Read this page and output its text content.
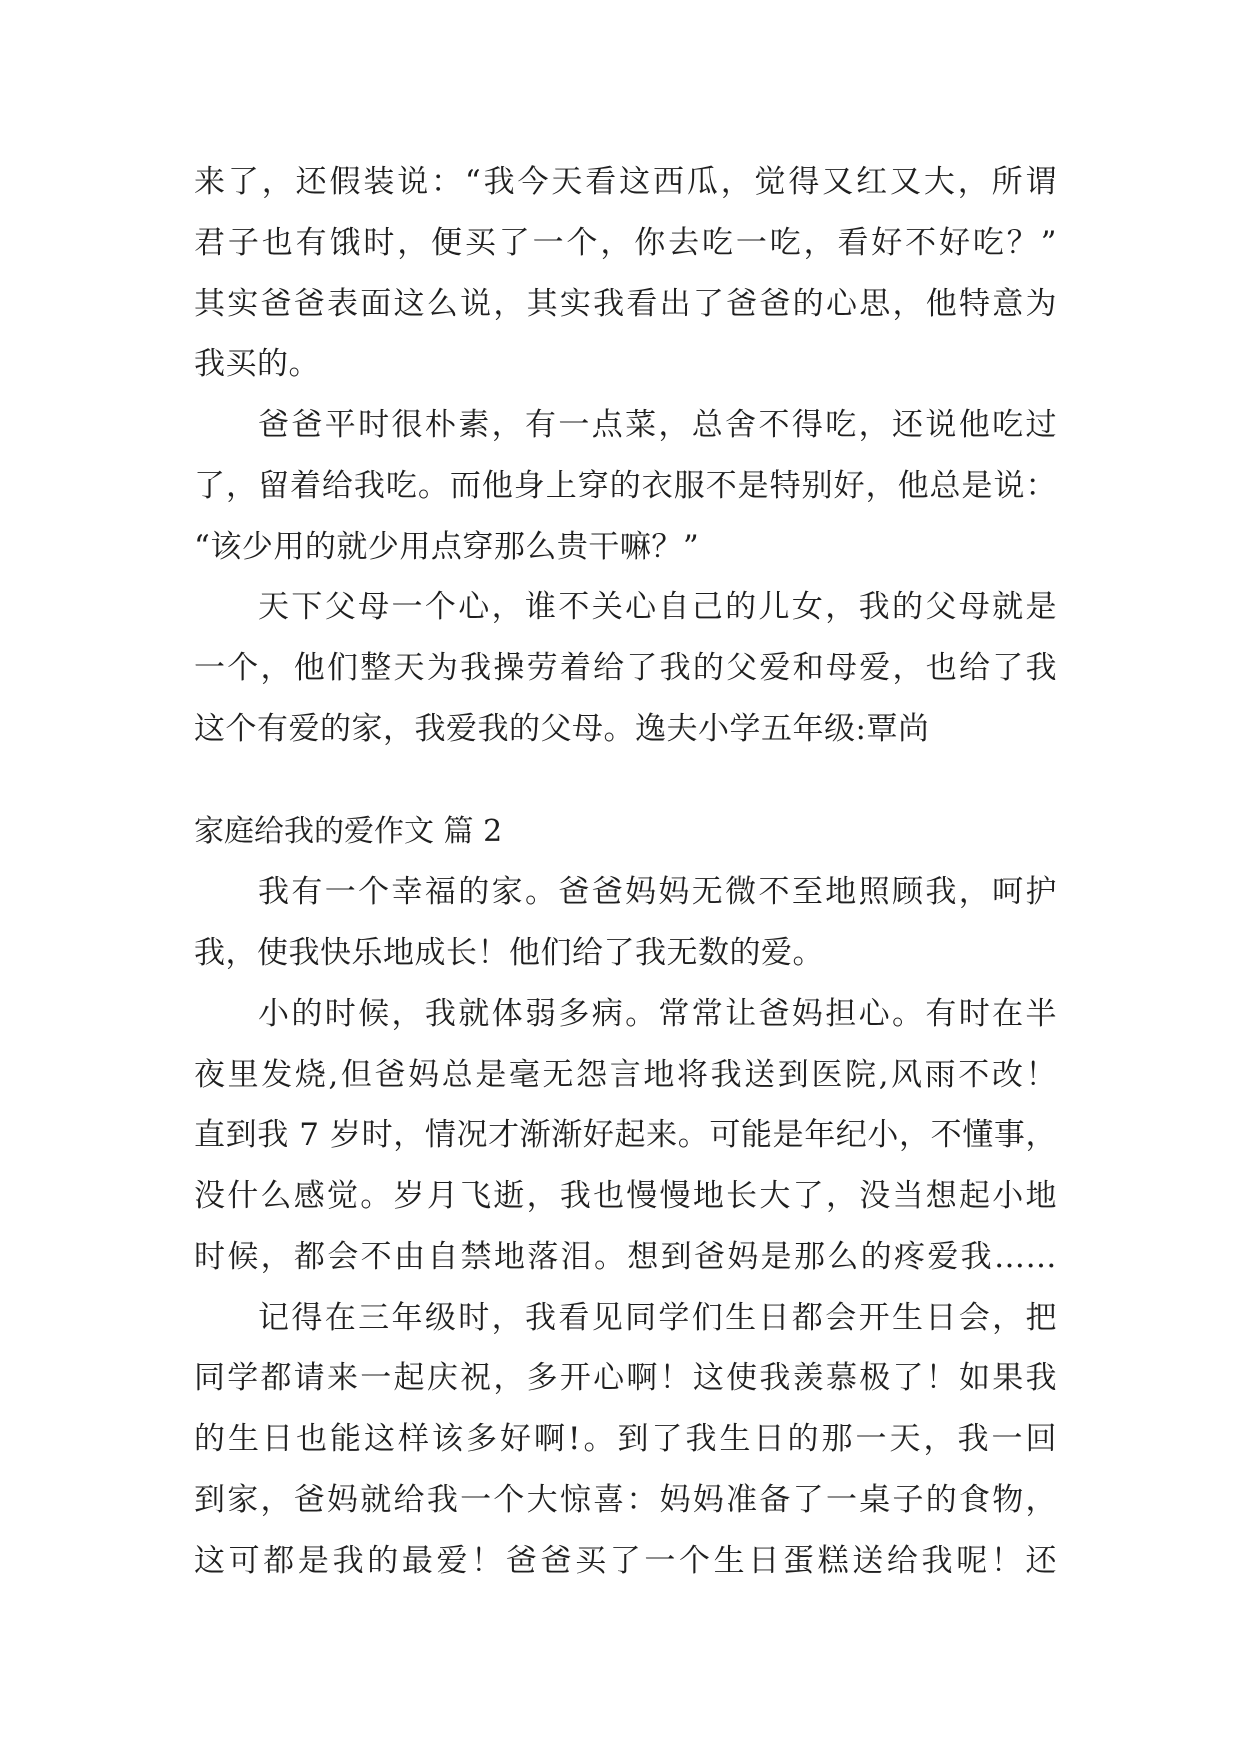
来了，还假装说：“我今天看这西瓜，觉得又红又大，所谓
君子也有饿时，便买了一个，你去吃一吃，看好不好吃？”
其实爸爸表面这么说，其实我看出了爸爸的心思，他特意为
我买的。
爸爸平时很朴素，有一点菜，总舍不得吃，还说他吃过
了，留着给我吃。而他身上穿的衣服不是特别好，他总是说：
“该少用的就少用点穿那么贵干嘛？”
天下父母一个心，谁不关心自己的儿女，我的父母就是
一个，他们整天为我操劳着给了我的父爱和母爱，也给了我
这个有爱的家，我爱我的父母。逸夫小学五年级:覃尚
家庭给我的爱作文 篇 2
我有一个幸福的家。爸爸妈妈无微不至地照顾我，呵护
我，使我快乐地成长！他们给了我无数的爱。
小的时候，我就体弱多病。常常让爸妈担心。有时在半
夜里发烧,但爸妈总是毫无怨言地将我送到医院,风雨不改！
直到我 7 岁时，情况才渐渐好起来。可能是年纪小，不懂事，
没什么感觉。岁月飞逝，我也慢慢地长大了，没当想起小地
时候，都会不由自禁地落泪。想到爸妈是那么的疼爱我……
记得在三年级时，我看见同学们生日都会开生日会，把
同学都请来一起庆祝，多开心啊！这使我羡慕极了！如果我
的生日也能这样该多好啊!。到了我生日的那一天，我一回
到家，爸妈就给我一个大惊喜：妈妈准备了一桌子的食物，
这可都是我的最爱！爸爸买了一个生日蛋糕送给我呢！还
